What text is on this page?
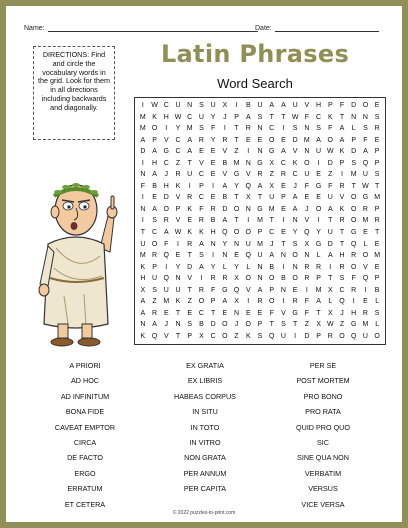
Name:	Date:
DIRECTIONS: Find and circle the vocabulary words in the grid. Look for them in all directions including backwards and diagonally.
Latin Phrases
Word Search
I	W C U N S U X	I	B U A	A U V H P	F	D O E
M K H W C U Y	J	P	A	S	T	T W F	C K	T	N N S
M O	I	Y M S	F	I	T	R N C	I	S N S	F	A	L	S R
A	P	V C A R Y R	T	E	E O E D M A O A	P	F	E
D A G C A	E	E	V	Z	I	N G A	V N U W K D A	P
I	H C	Z	T	V	E	B M N G X C K O	I	D P	S Q P
N A	J	R U C E	V G V R	Z	R C U E	Z	I	M U S
F	B H K	I	P	I	A	Y Q A	X	E	J	F G F	R	T W T
I	E D V R C E	B	T	X	T	U P	A	E	E U V O G M
N A O P	K	F	R D O N G M E	A	J	O A	K O R P
I	S R V	E R B	A	T	I	M T	I	N V	I	T	R O M R
T	C A W K	K H Q O O P C E	Y Q Y U	T G E	T
U O F	I	R A N Y N U M	J	T	S	X G D	T Q	L	E
M R Q E	T	S	I	N E Q U A N O N	L	A H R O M
K	P	I	Y D A	Y	L	Y	L	N B	I	N R R	I	R O V	E
H U Q N V	I	R R X O N O B O R P	T	S	F Q P
X	S U U	T	R	F G Q V	A	P N E	I	M X C R	I	B
A	Z M K	Z O P	A	X	I	R O	I	R	F	A	L	Q	I	E	L
A R E	T	E C	T	E N E	E	F	V G F	T	X	J	H R S
N A	J	N S	B D O	J	O P	T	S	T	Z	X W Z G M L
K Q V	T	P	X C O Z	K	S Q U	I	D P R O Q U O
A PRIORI
AD HOC
AD INFINITUM
BONA FIDE
CAVEAT EMPTOR
CIRCA
DE FACTO
ERGO
ERRATUM
ET CETERA
EX GRATIA
EX LIBRIS
HABEAS CORPUS
IN SITU
IN TOTO
IN VITRO
NON GRATA
PER ANNUM
PER CAPITA
PER SE
POST MORTEM
PRO BONO
PRO RATA
QUID PRO QUO
SIC
SINE QUA NON
VERBATIM
VERSUS
VICE VERSA
© 2022 puzzles-to-print.com
